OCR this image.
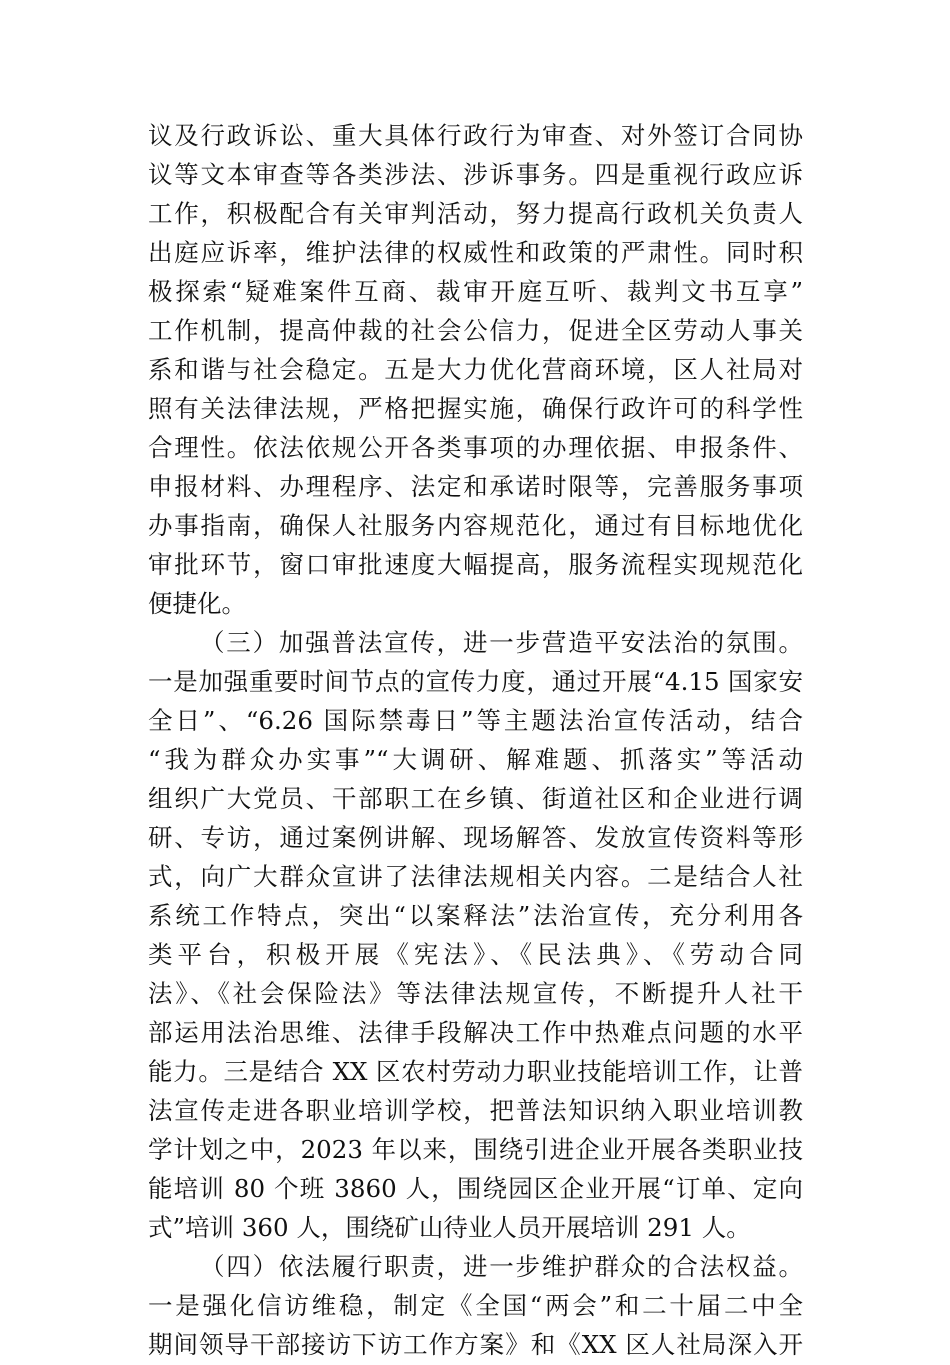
议及行政诉讼、重大具体行政行为审查、对外签订合同协
议等文本审查等各类涉法、涉诉事务。四是重视行政应诉
工作，积极配合有关审判活动，努力提高行政机关负责人
出庭应诉率，维护法律的权威性和政策的严肃性。同时积
极探索“疑难案件互商、裁审开庭互听、裁判文书互享”
工作机制，提高仲裁的社会公信力，促进全区劳动人事关
系和谐与社会稳定。五是大力优化营商环境，区人社局对
照有关法律法规，严格把握实施，确保行政许可的科学性
合理性。依法依规公开各类事项的办理依据、申报条件、
申报材料、办理程序、法定和承诺时限等，完善服务事项
办事指南，确保人社服务内容规范化，通过有目标地优化
审批环节，窗口审批速度大幅提高，服务流程实现规范化
便捷化。
（三）加强普法宣传，进一步营造平安法治的氛围。
一是加强重要时间节点的宣传力度，通过开展“4.15 国家安
全日”、“6.26 国际禁毒日”等主题法治宣传活动，结合
“我为群众办实事”“大调研、解难题、抓落实”等活动
组织广大党员、干部职工在乡镇、街道社区和企业进行调
研、专访，通过案例讲解、现场解答、发放宣传资料等形
式，向广大群众宣讲了法律法规相关内容。二是结合人社
系统工作特点，突出“以案释法”法治宣传，充分利用各
类平台，积极开展《宪法》、《民法典》、《劳动合同
法》、《社会保险法》等法律法规宣传，不断提升人社干
部运用法治思维、法律手段解决工作中热难点问题的水平
能力。三是结合 XX 区农村劳动力职业技能培训工作，让普
法宣传走进各职业培训学校，把普法知识纳入职业培训教
学计划之中，2023 年以来，围绕引进企业开展各类职业技
能培训 80 个班 3860 人，围绕园区企业开展“订单、定向
式”培训 360 人，围绕矿山待业人员开展培训 291 人。
（四）依法履行职责，进一步维护群众的合法权益。
一是强化信访维稳，制定《全国“两会”和二十届二中全
期间领导干部接访下访工作方案》和《XX 区人社局深入开
